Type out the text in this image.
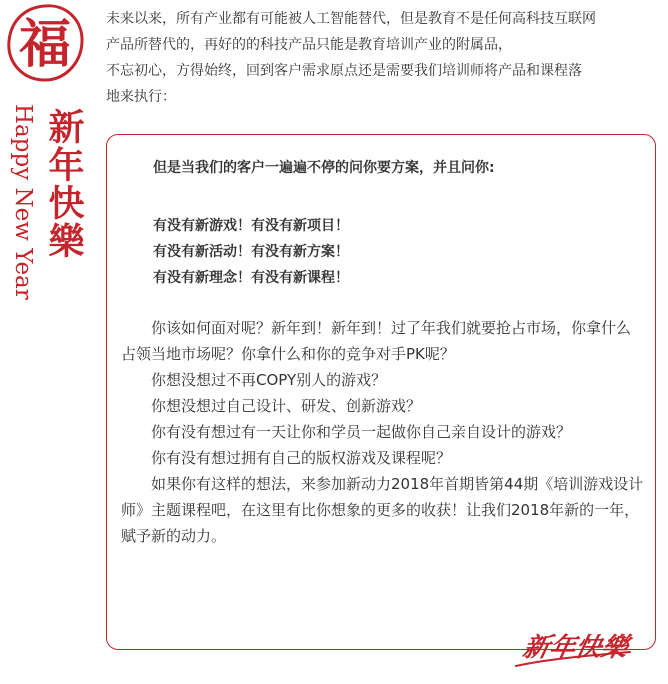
福
Happy New Year 新年快樂

未来以来，所有产业都有可能被人工智能替代，但是教育不是任何高科技互联网

产品所替代的，再好的的科技产品只能是教育培训产业的附属品，

不忘初心，方得始终，回到客户需求原点还是需要我们培训师将产品和课程落

地来执行：

但是当我们的客户一遍遍不停的问你要方案，并且问你:
有没有新游戏！有没有新项目！
有没有新活动！有没有新方案！
有没有新理念！有没有新课程！

你该如何面对呢？新年到！新年到！过了年我们就要抢占市场，你拿什么占领当地市场呢？你拿什么和你的竞争对手PK呢？

你想没想过不再COPY别人的游戏？

你想没想过自己设计、研发、创新游戏？

你有没有想过有一天让你和学员一起做你自己亲自设计的游戏？

你有没有想过拥有自己的版权游戏及课程呢？

如果你有这样的想法，来参加新动力2018年首期皆第44期《培训游戏设计师》主题课程吧，在这里有比你想象的更多的收获！让我们2018年新的一年，赋予新的动力。

新年快樂
